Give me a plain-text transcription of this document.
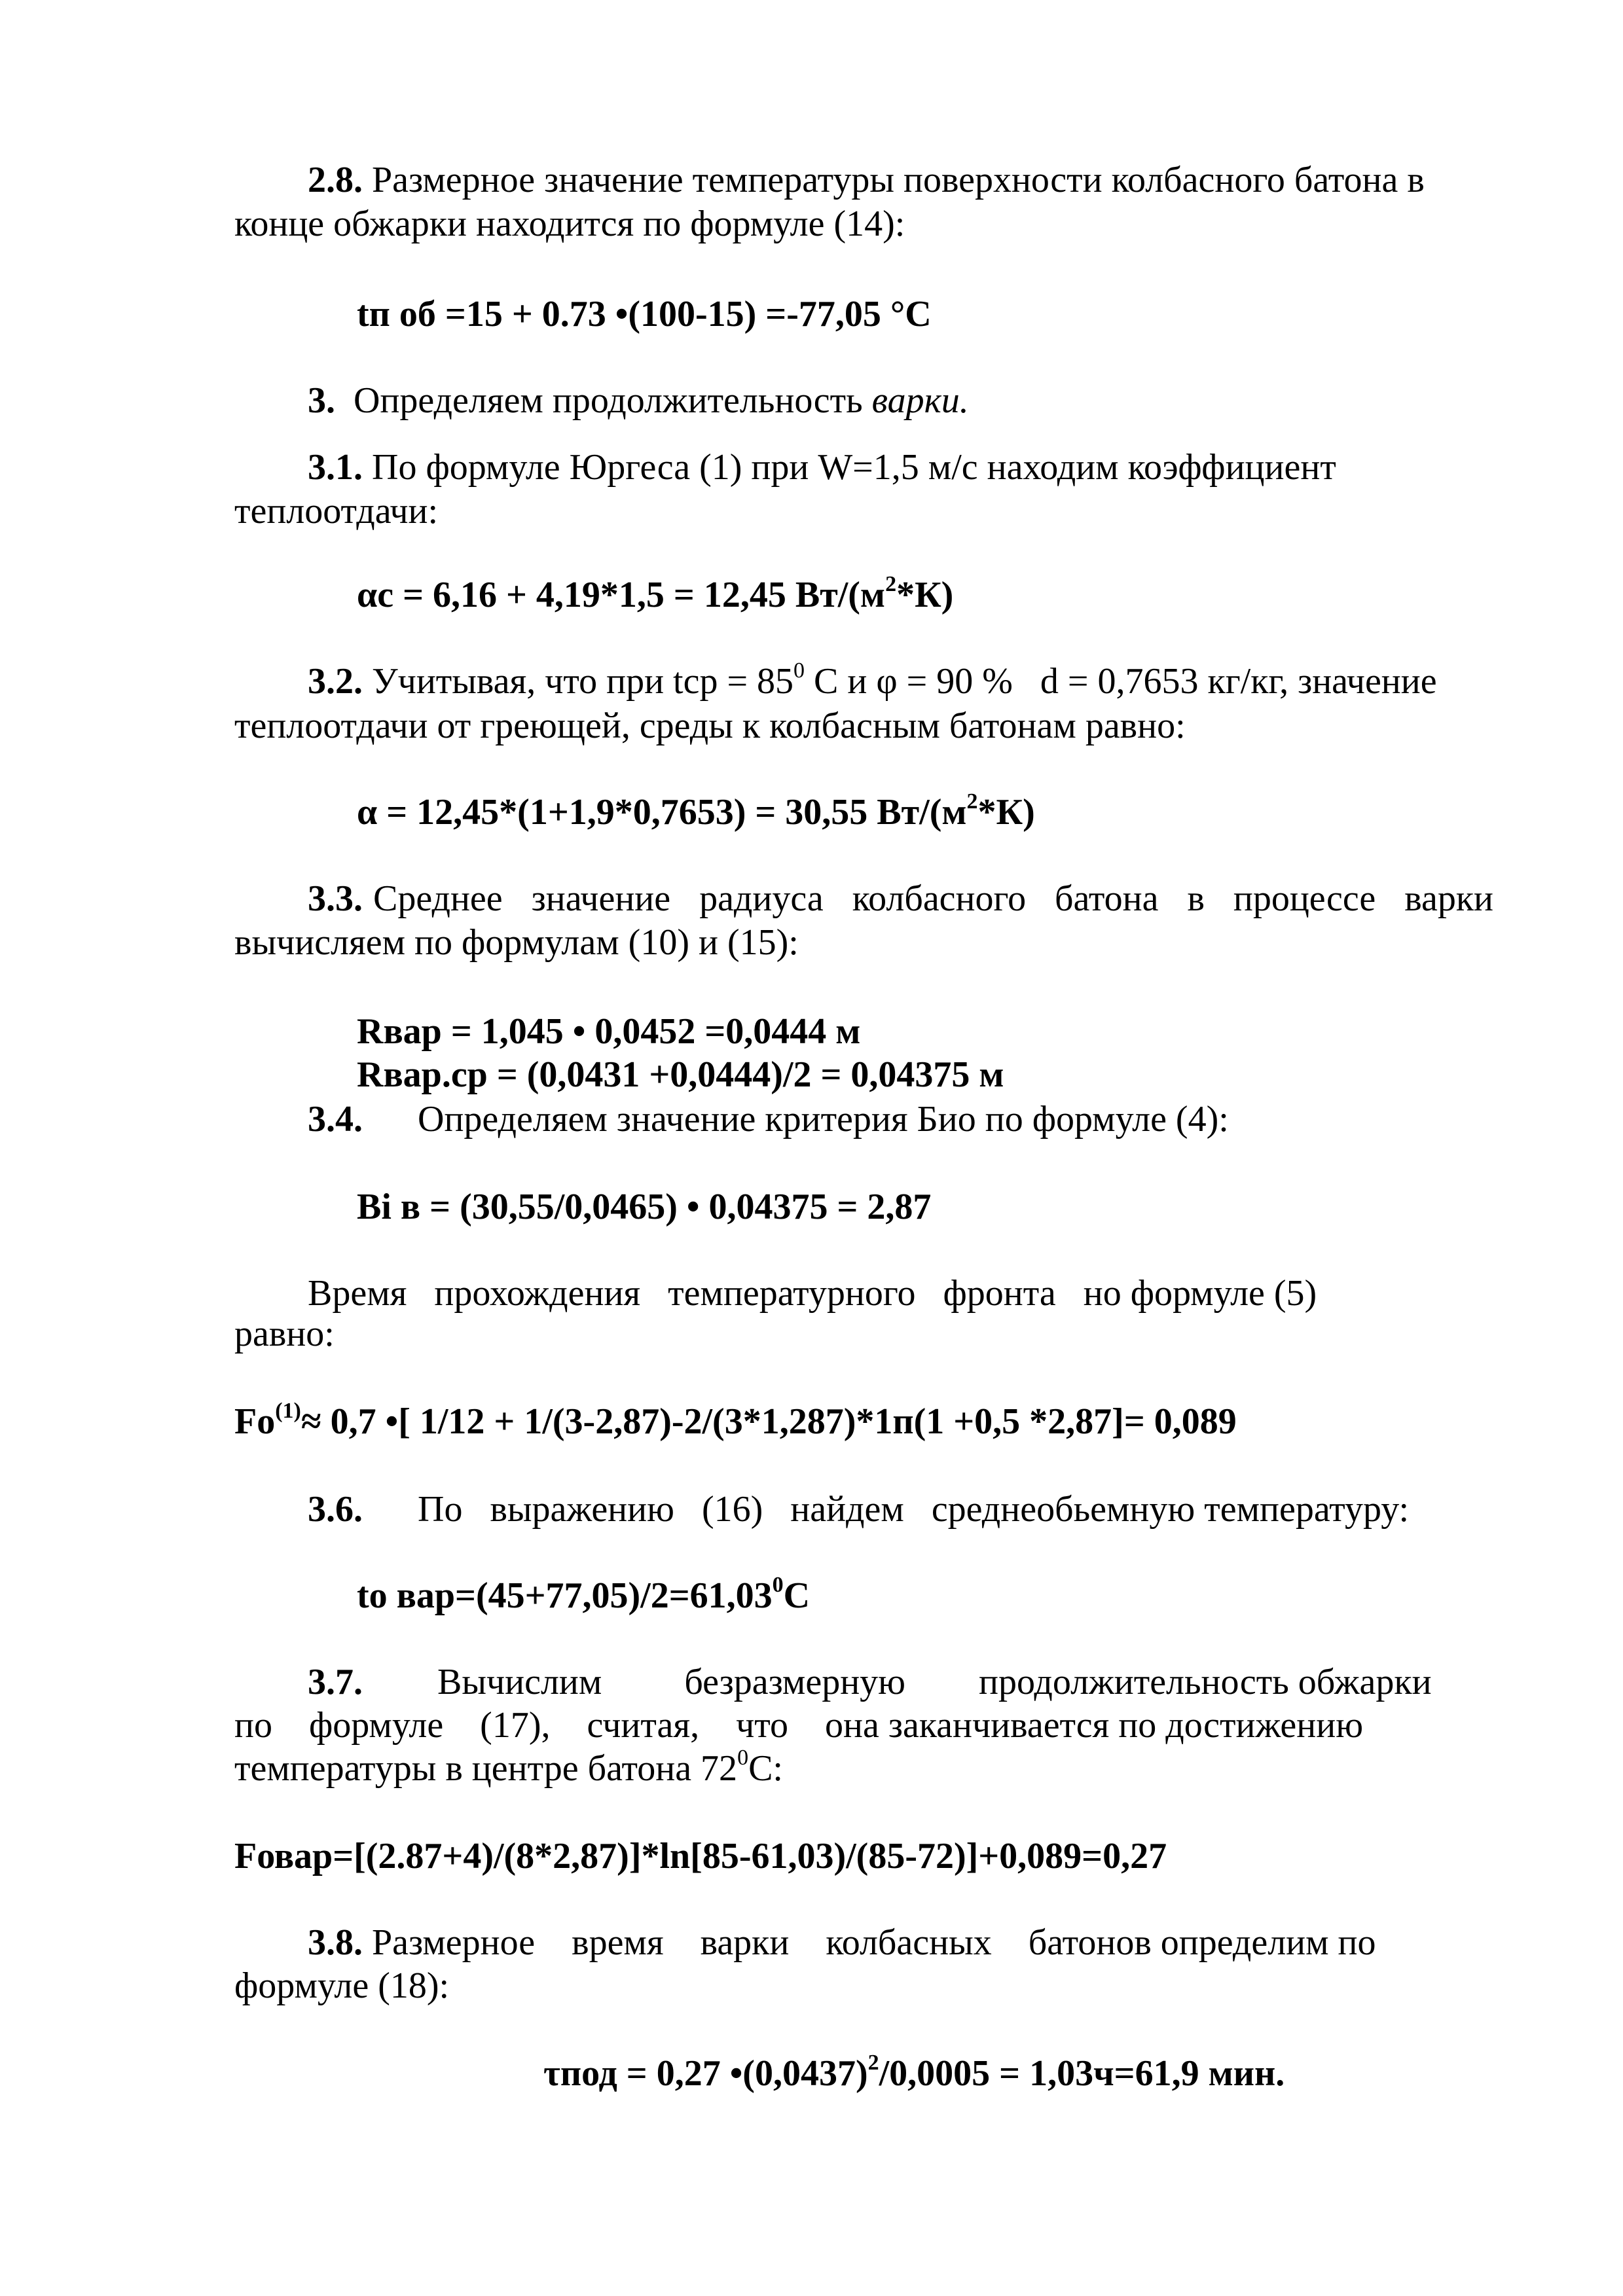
2.8. Размерное значение температуры поверхности колбасного батона в
конце обжарки находится по формуле (14):
tп об =15 + 0.73 •(100-15) =-77,05 °С
3. Определяем продолжительность варки.
3.1. По формуле Юргеса (1) при W=1,5 м/с находим коэффициент
теплоотдачи:
αс = 6,16 + 4,19*1,5 = 12,45 $Вт/(м^2*К)$
3.2. Учитывая, что при tср = $85^0$ С и φ = 90 %   d = 0,7653 кг/кг, значение
теплоотдачи от греющей, среды к колбасным батонам равно:
α = 12,45*(1+1,9*0,7653) = 30,55 $Вт/(м^2*К)$
3.3. Среднее значение радиуса колбасного батона в процессе варки
вычисляем по формулам (10) и (15):
Rвар = 1,045 • 0,0452 =0,0444 м
Rвар.ср = (0,0431 +0,0444)/2 = 0,04375 м
3.4. Определяем значение критерия Био по формуле (4):
Bi в = (30,55/0,0465) • 0,04375 = 2,87
Время   прохождения   температурного   фронта   но формуле (5)
равно:
$Fo^{(1)}\approx 0,7$ •[ 1/12 + 1/(3-2,87)-2/(3*1,287)*1п(1 +0,5 *2,87]= 0,089
3.6. По   выражению   (16)   найдем   среднеобьемную температуру:
to $вар=(45+77,05)/2=61,03^0С$
3.7. Вычислим         безразмерную        продолжительность обжарки
по    формуле    (17),    считая,    что    она заканчивается по достижению
температуры в центре батона $72^0С$:
Fовар=[(2.87+4)/(8*2,87)]*ln[85-61,03)/(85-72)]+0,089=0,27
3.8. Размерное    время    варки    колбасных    батонов определим по
формуле (18):
τпод = 0,27 $•(0,0437)^2/0,0005 = 1,03ч=61,9$ мин.
